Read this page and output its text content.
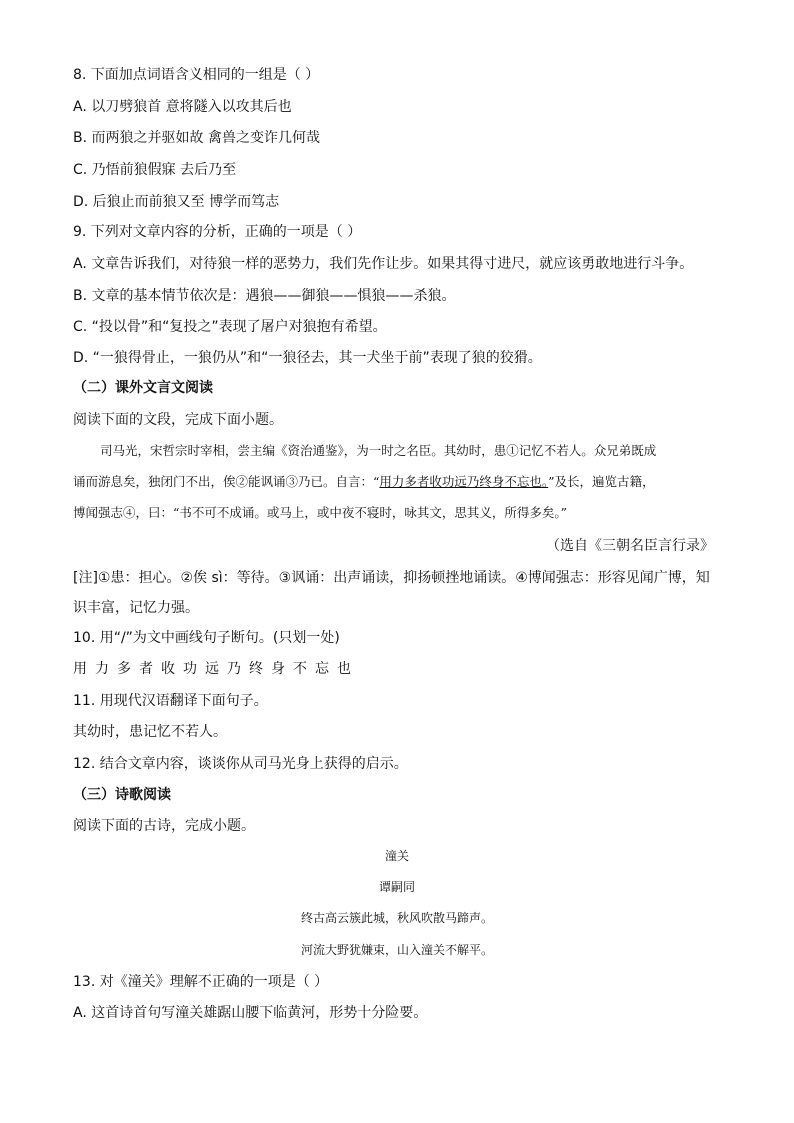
8. 下面加点词语含义相同的一组是（ ）
A. 以刀劈狼首 意将隧入以攻其后也
B. 而两狼之并驱如故 禽兽之变诈几何哉
C. 乃悟前狼假寐 去后乃至
D. 后狼止而前狼又至 博学而笃志
9. 下列对文章内容的分析，正确的一项是（ ）
A. 文章告诉我们，对待狼一样的恶势力，我们先作让步。如果其得寸进尺，就应该勇敢地进行斗争。
B. 文章的基本情节依次是：遇狼——御狼——惧狼——杀狼。
C. “投以骨”和“复投之”表现了屠户对狼抱有希望。
D. “一狼得骨止，一狼仍从”和“一狼径去，其一犬坐于前”表现了狼的狡猾。
（二）课外文言文阅读
阅读下面的文段，完成下面小题。
司马光，宋哲宗时宰相，尝主编《资治通鉴》，为一时之名臣。其幼时，患①记忆不若人。众兄弟既成
诵而游息矣，独闭门不出，俟②能讽诵③乃已。自言：“用力多者收功远乃终身不忘也。”及长，遍览古籍，
博闻强志④，曰：“书不可不成诵。或马上，或中夜不寝时，咏其文，思其义，所得多矣。”
（选自《三朝名臣言行录》
[注]①患：担心。②俟 sì：等待。③讽诵：出声诵读，抑扬顿挫地诵读。④博闻强志：形容见闻广博，知
识丰富，记忆力强。
10. 用“/”为文中画线句子断句。(只划一处)
用力多者收功远乃终身不忘也
11. 用现代汉语翻译下面句子。
其幼时，患记忆不若人。
12. 结合文章内容，谈谈你从司马光身上获得的启示。
（三）诗歌阅读
阅读下面的古诗，完成小题。
潼关
谭嗣同
终古高云簇此城，秋风吹散马蹄声。
河流大野犹嫌束，山入潼关不解平。
13. 对《潼关》理解不正确的一项是（ ）
A. 这首诗首句写潼关雄踞山腰下临黄河，形势十分险要。
